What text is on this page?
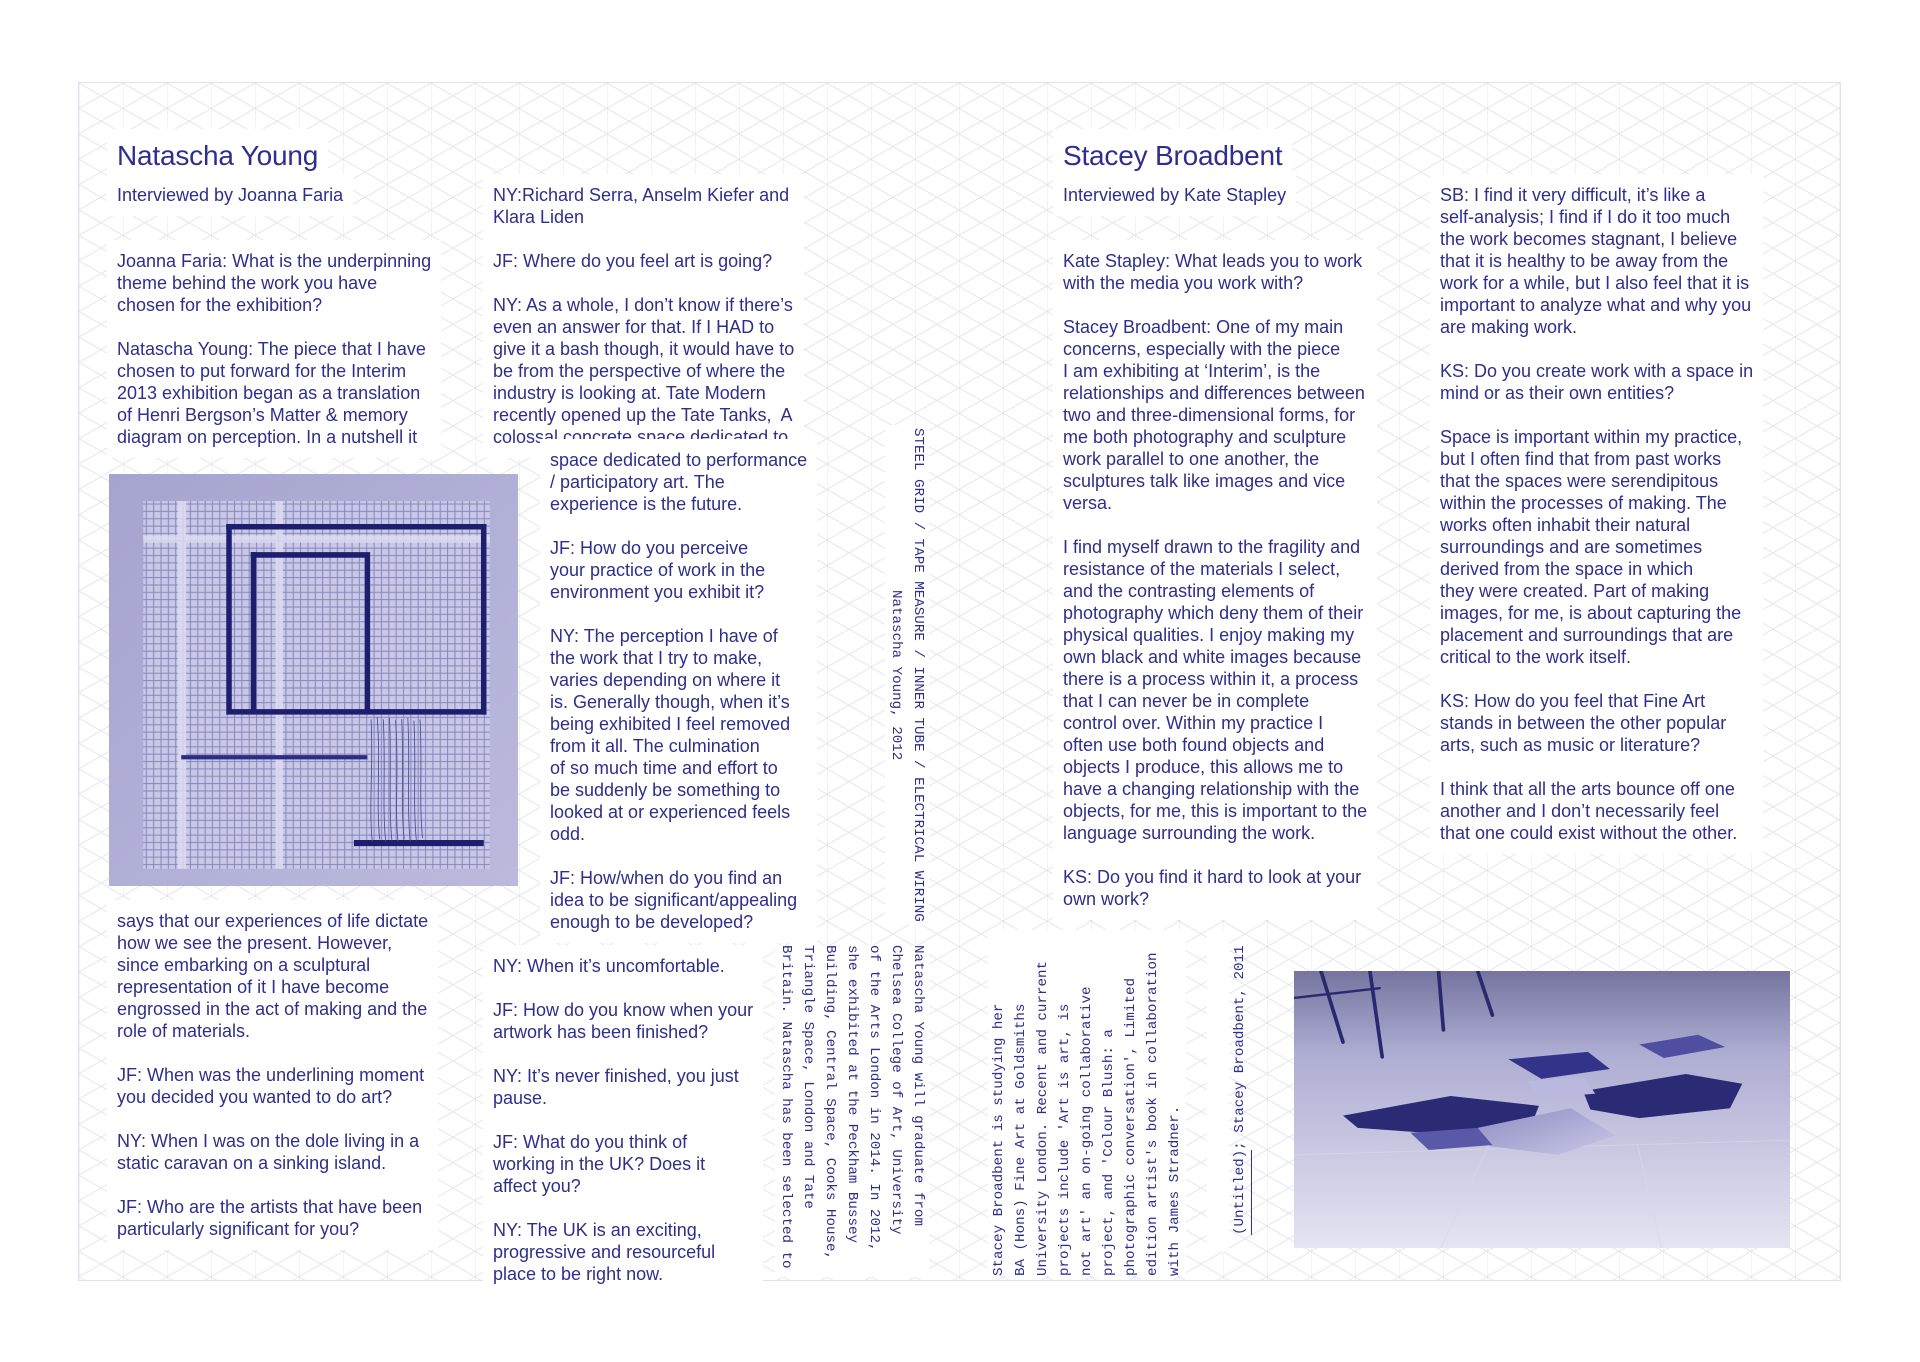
Natascha Young
Interviewed by Joanna Faria
Joanna Faria: What is the underpinning
theme behind the work you have
chosen for the exhibition?
Natascha Young: The piece that I have
chosen to put forward for the Interim
2013 exhibition began as a translation
of Henri Bergson’s Matter & memory
diagram on perception. In a nutshell it
says that our experiences of life dictate
how we see the present. However,
since embarking on a sculptural
representation of it I have become
engrossed in the act of making and the
role of materials.
JF: When was the underlining moment
you decided you wanted to do art?
NY: When I was on the dole living in a
static caravan on a sinking island.
JF: Who are the artists that have been
particularly significant for you?
NY:Richard Serra, Anselm Kiefer and
Klara Liden
JF: Where do you feel art is going?
NY: As a whole, I don’t know if there’s
even an answer for that. If I HAD to
give it a bash though, it would have to
be from the perspective of where the
industry is looking at. Tate Modern
recently opened up the Tate Tanks,  A
colossal concrete space dedicated to
space dedicated to performance
/ participatory art. The
experience is the future.
JF: How do you perceive
your practice of work in the
environment you exhibit it?
NY: The perception I have of
the work that I try to make,
varies depending on where it
is. Generally though, when it’s
being exhibited I feel removed
from it all. The culmination
of so much time and effort to
be suddenly be something to
looked at or experienced feels
odd.
JF: How/when do you find an
idea to be significant/appealing
enough to be developed?
NY: When it’s uncomfortable.
JF: How do you know when your
artwork has been finished?
NY: It’s never finished, you just
pause.
JF: What do you think of
working in the UK? Does it
affect you?
NY: The UK is an exciting,
progressive and resourceful
place to be right now.
STEEL GRID / TAPE MEASURE / INNER TUBE / ELECTRICAL WIRING
Natascha Young, 2012
Natascha Young will graduate from
Chelsea College of Art, University
of the Arts London in 2014. In 2012,
she exhibited at the Peckham Bussey
Building, Central Space, Cooks House,
Triangle Space, London and Tate
Britain. Natascha has been selected to
Stacey Broadbent
Interviewed by Kate Stapley
Kate Stapley: What leads you to work
with the media you work with?
Stacey Broadbent: One of my main
concerns, especially with the piece
I am exhibiting at ‘Interim’, is the
relationships and differences between
two and three-dimensional forms, for
me both photography and sculpture
work parallel to one another, the
sculptures talk like images and vice
versa.
I find myself drawn to the fragility and
resistance of the materials I select,
and the contrasting elements of
photography which deny them of their
physical qualities. I enjoy making my
own black and white images because
there is a process within it, a process
that I can never be in complete
control over. Within my practice I
often use both found objects and
objects I produce, this allows me to
have a changing relationship with the
objects, for me, this is important to the
language surrounding the work.
KS: Do you find it hard to look at your
own work?
SB: I find it very difficult, it’s like a
self-analysis; I find if I do it too much
the work becomes stagnant, I believe
that it is healthy to be away from the
work for a while, but I also feel that it is
important to analyze what and why you
are making work.
KS: Do you create work with a space in
mind or as their own entities?
Space is important within my practice,
but I often find that from past works
that the spaces were serendipitous
within the processes of making. The
works often inhabit their natural
surroundings and are sometimes
derived from the space in which
they were created. Part of making
images, for me, is about capturing the
placement and surroundings that are
critical to the work itself.
KS: How do you feel that Fine Art
stands in between the other popular
arts, such as music or literature?
I think that all the arts bounce off one
another and I don’t necessarily feel
that one could exist without the other.
Stacey Broadbent is studying her BA (Hons) Fine Art at Goldsmiths University London. Recent and current projects include 'Art is art, is not art' an on-going collaborative project, and 'Colour Blush: a photographic conversation', Limited edition artist's book in collaboration with James Stradner.	(Untitled); Stacey Broadbent, 2011
